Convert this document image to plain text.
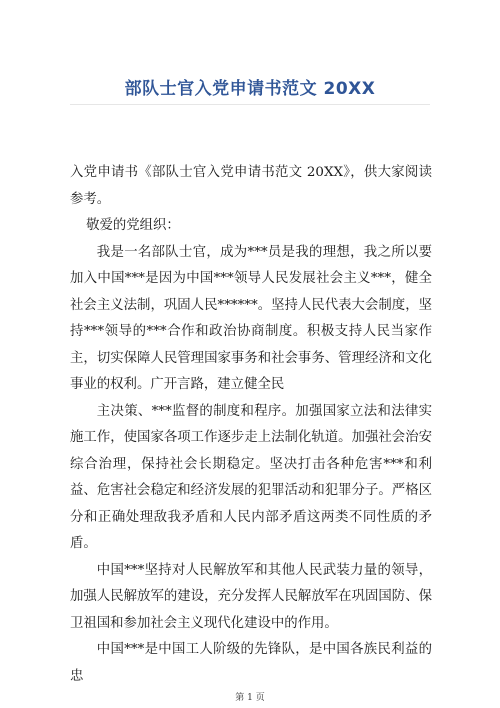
部队士官入党申请书范文 20XX

入党申请书《部队士官入党申请书范文 20XX》，供大家阅读参考。

敬爱的党组织：

我是一名部队士官，成为***员是我的理想，我之所以要加入中国***是因为中国***领导人民发展社会主义***，健全社会主义法制，巩固人民******。坚持人民代表大会制度，坚持***领导的***合作和政治协商制度。积极支持人民当家作主，切实保障人民管理国家事务和社会事务、管理经济和文化事业的权利。广开言路，建立健全民

主决策、***监督的制度和程序。加强国家立法和法律实施工作，使国家各项工作逐步走上法制化轨道。加强社会治安综合治理，保持社会长期稳定。坚决打击各种危害***和利益、危害社会稳定和经济发展的犯罪活动和犯罪分子。严格区分和正确处理敌我矛盾和人民内部矛盾这两类不同性质的矛盾。

中国***坚持对人民解放军和其他人民武装力量的领导，加强人民解放军的建设，充分发挥人民解放军在巩固国防、保卫祖国和参加社会主义现代化建设中的作用。

中国***是中国工人阶级的先锋队，是中国各族民利益的忠

第 1 页
